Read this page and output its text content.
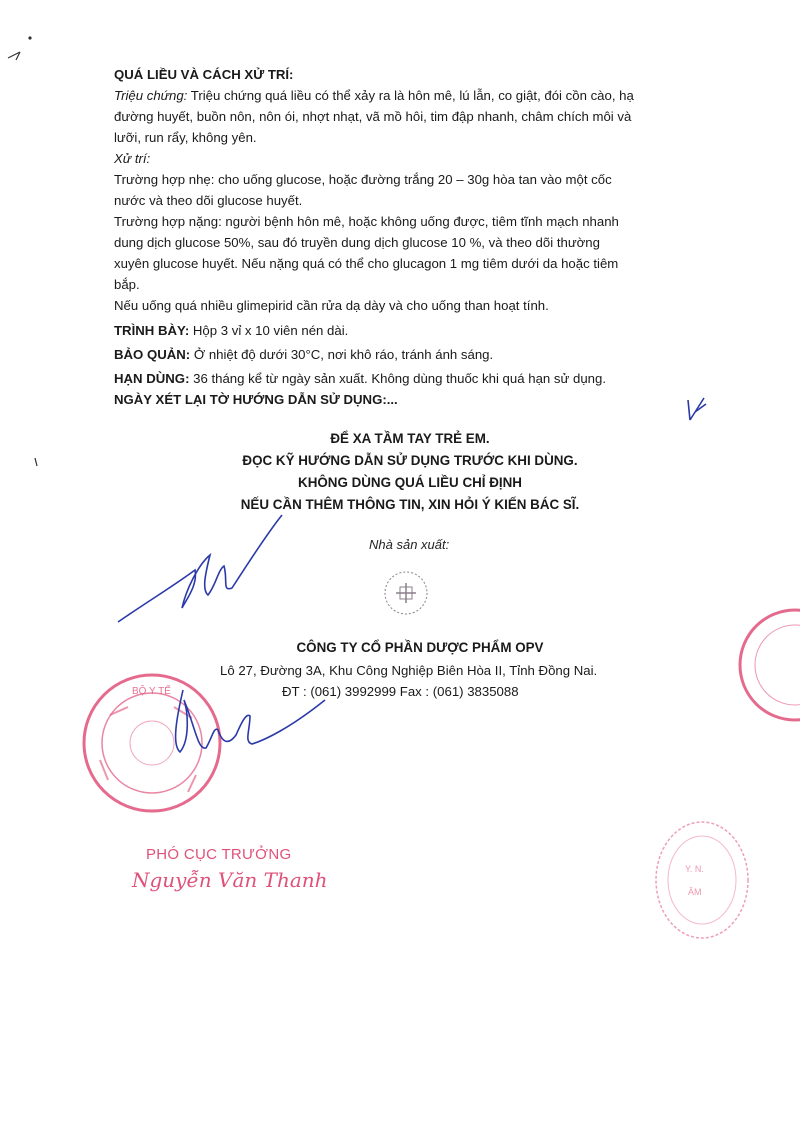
QUÁ LIỀU VÀ CÁCH XỬ TRÍ:

Triệu chứng: Triệu chứng quá liều có thể xảy ra là hôn mê, lú lẫn, co giật, đói cồn cào, hạ đường huyết, buồn nôn, nôn ói, nhợt nhạt, vã mồ hôi, tim đập nhanh, châm chích môi và lưỡi, run rẩy, không yên.

Xử trí:

Trường hợp nhẹ: cho uống glucose, hoặc đường trắng 20 – 30g hòa tan vào một cốc nước và theo dõi glucose huyết.

Trường hợp nặng: người bệnh hôn mê, hoặc không uống được, tiêm tĩnh mạch nhanh dung dịch glucose 50%, sau đó truyền dung dịch glucose 10 %, và theo dõi thường xuyên glucose huyết. Nếu nặng quá có thể cho glucagon 1 mg tiêm dưới da hoặc tiêm bắp.

Nếu uống quá nhiều glimepirid cần rửa dạ dày và cho uống than hoạt tính.

TRÌNH BÀY: Hộp 3 vỉ x 10 viên nén dài.

BẢO QUẢN: Ở nhiệt độ dưới 30°C, nơi khô ráo, tránh ánh sáng.

HẠN DÙNG: 36 tháng kể từ ngày sản xuất. Không dùng thuốc khi quá hạn sử dụng.

NGÀY XÉT LẠI TỜ HƯỚNG DẪN SỬ DỤNG:...

ĐỂ XA TẦM TAY TRẺ EM.

ĐỌC KỸ HƯỚNG DẪN SỬ DỤNG TRƯỚC KHI DÙNG.

KHÔNG DÙNG QUÁ LIỀU CHỈ ĐỊNH

NẾU CẦN THÊM THÔNG TIN, XIN HỎI Ý KIẾN BÁC SĨ.

Nhà sản xuất:
CÔNG TY CỔ PHẦN DƯỢC PHẨM OPV
Lô 27, Đường 3A, Khu Công Nghiệp Biên Hòa II, Tỉnh Đồng Nai.
ĐT : (061) 3992999 Fax : (061) 3835088
PHÓ CỤC TRƯỞNG
Nguyễn Văn Thanh
BỘ Y TẾ
Y. N.
ÂM
